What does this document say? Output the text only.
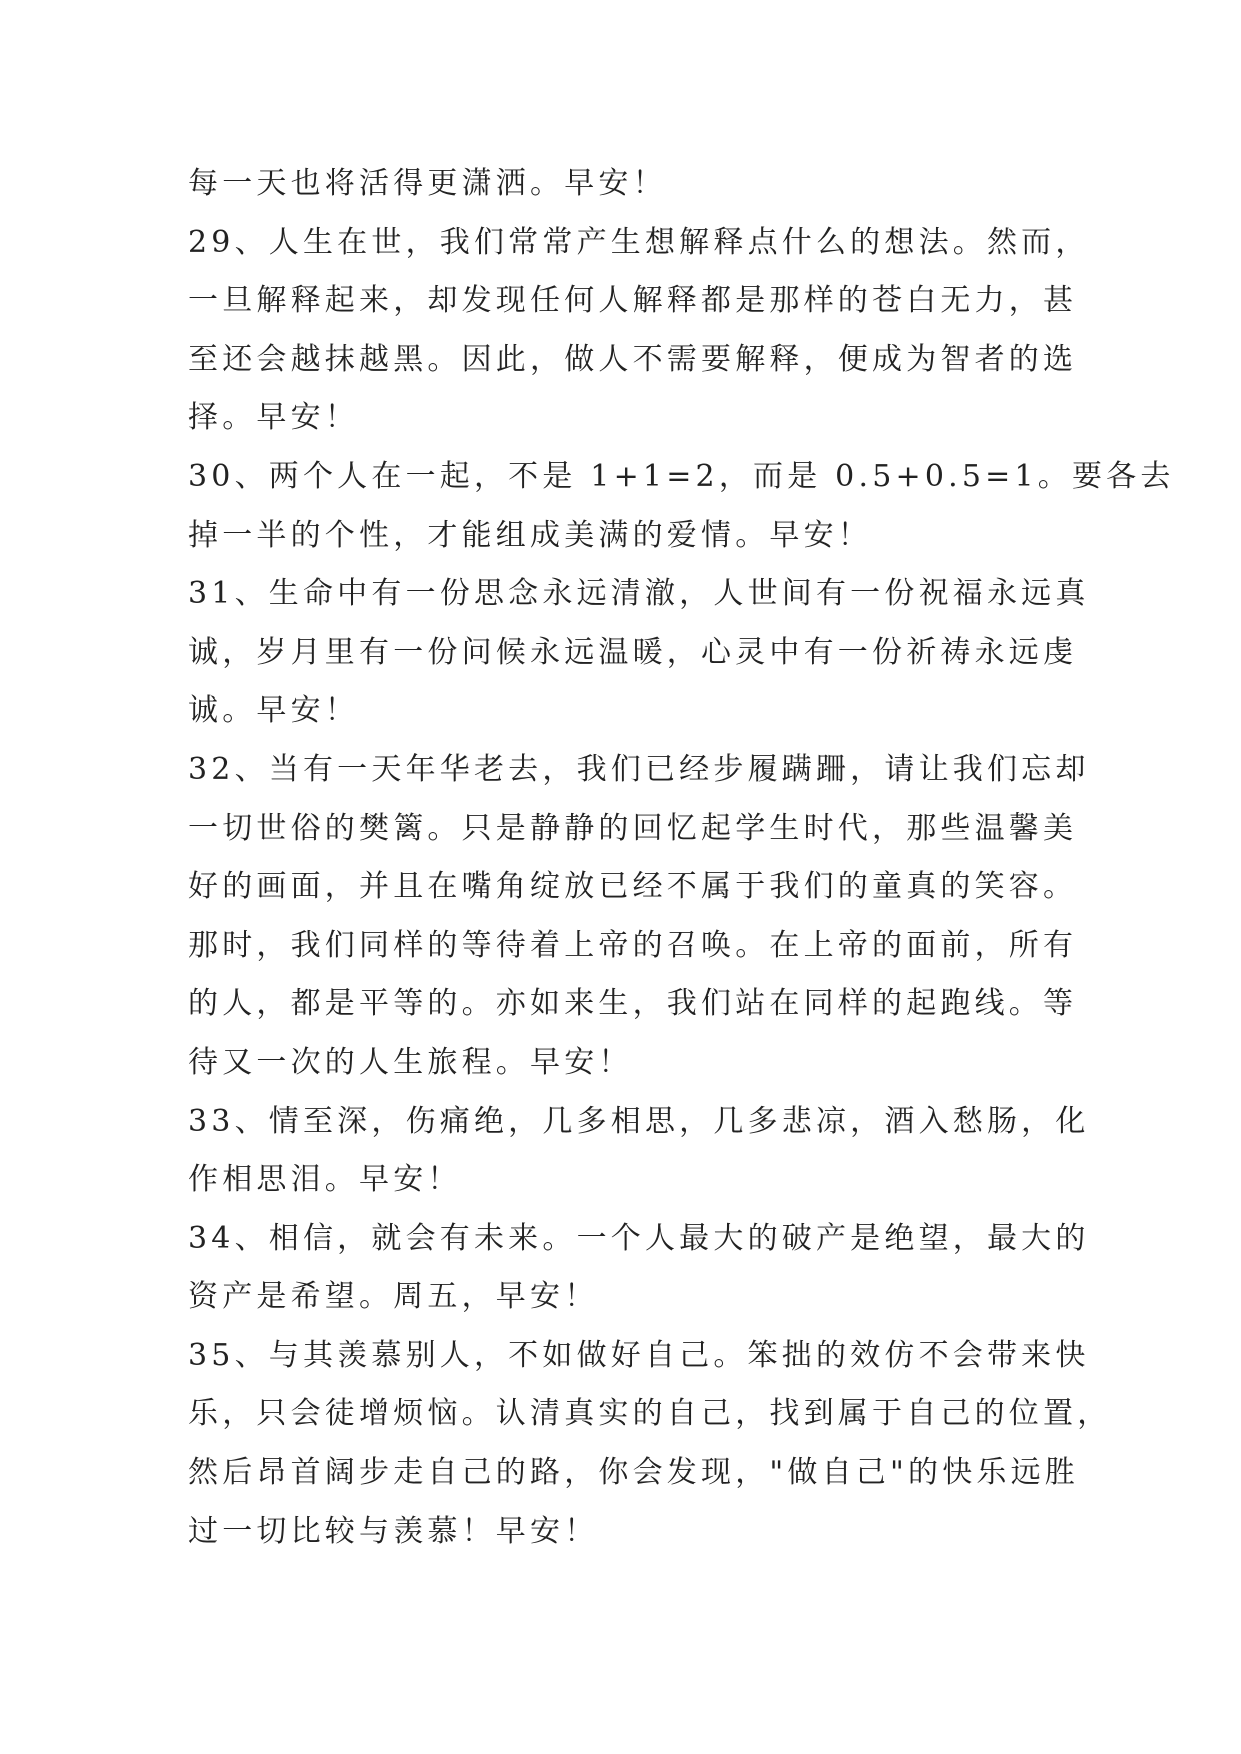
每一天也将活得更潇洒。早安！
29、人生在世，我们常常产生想解释点什么的想法。然而，
一旦解释起来，却发现任何人解释都是那样的苍白无力，甚
至还会越抹越黑。因此，做人不需要解释，便成为智者的选
择。早安！
30、两个人在一起，不是 1+1=2，而是 0.5+0.5=1。要各去
掉一半的个性，才能组成美满的爱情。早安！
31、生命中有一份思念永远清澈，人世间有一份祝福永远真
诚，岁月里有一份问候永远温暖，心灵中有一份祈祷永远虔
诚。早安！
32、当有一天年华老去，我们已经步履蹒跚，请让我们忘却
一切世俗的樊篱。只是静静的回忆起学生时代，那些温馨美
好的画面，并且在嘴角绽放已经不属于我们的童真的笑容。
那时，我们同样的等待着上帝的召唤。在上帝的面前，所有
的人，都是平等的。亦如来生，我们站在同样的起跑线。等
待又一次的人生旅程。早安！
33、情至深，伤痛绝，几多相思，几多悲凉，酒入愁肠，化
作相思泪。早安！
34、相信，就会有未来。一个人最大的破产是绝望，最大的
资产是希望。周五，早安！
35、与其羡慕别人，不如做好自己。笨拙的效仿不会带来快
乐，只会徒增烦恼。认清真实的自己，找到属于自己的位置，
然后昂首阔步走自己的路，你会发现，"做自己"的快乐远胜
过一切比较与羡慕！早安！
